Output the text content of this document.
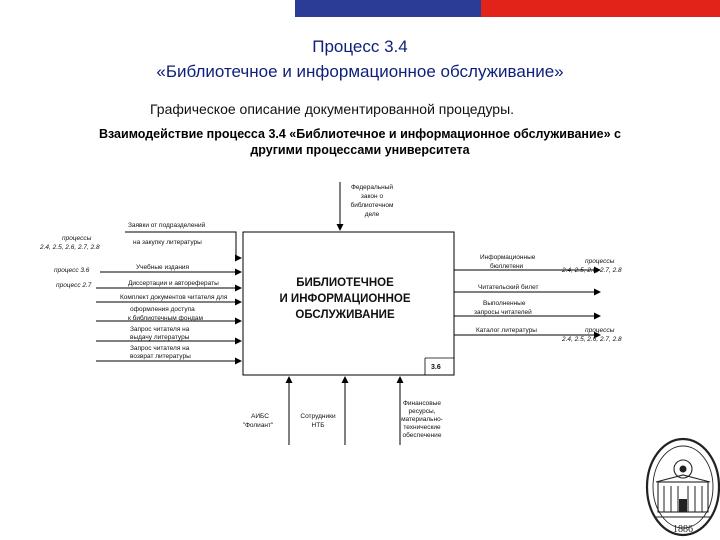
Процесс 3.4
«Библиотечное и информационное обслуживание»
Графическое описание документированной процедуры.
Взаимодействие процесса 3.4 «Библиотечное и информационное обслуживание» с
другими процессами университета
БИБЛИОТЕЧНОЕ
И ИНФОРМАЦИОННОЕ
ОБСЛУЖИВАНИЕ
3.6
Федеральный
закон о
библиотечном
деле
Заявки от подразделений
на закупку литературы
Учебные издания
Диссертации и авторефераты
Комплект документов читателя для
оформления доступа
к библиотечным фондам
Запрос читателя на
выдачу литературы
Запрос читателя на
возврат литературы
процессы
2.4, 2.5, 2.6, 2.7, 2.8
процесс 3.6
процесс 2.7
Информационные
бюллетени
Читательский билет
Выполненные
запросы читателей
Каталог литературы
процессы
2.4, 2.5, 2.6, 2.7, 2.8
процессы
2.4, 2.5, 2.6, 2.7, 2.8
АИБС
"Фолиант"
Сотрудники
НТБ
Финансовые
ресурсы,
материально-
технические
обеспечение
1886
